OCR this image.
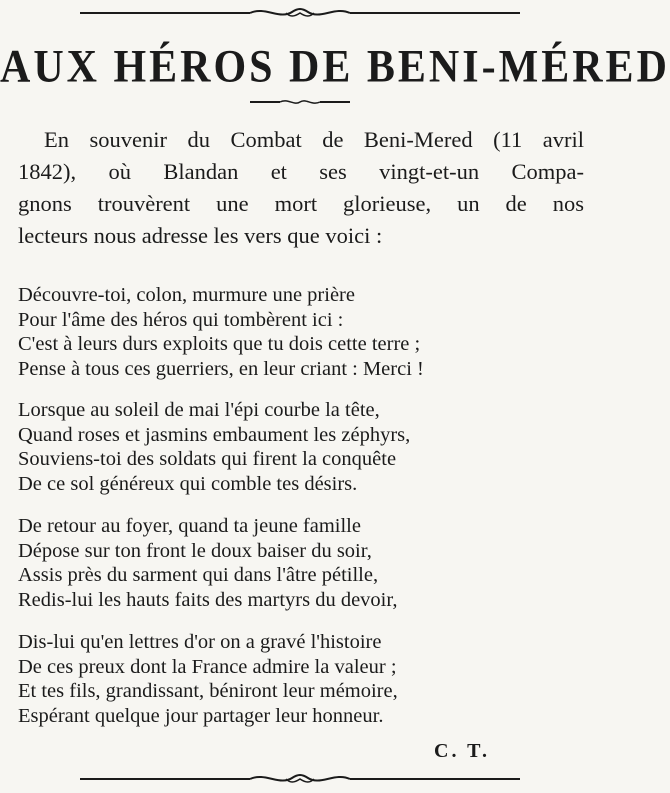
AUX HÉROS DE BENI-MÉRED
En souvenir du Combat de Beni-Mered (11 avril
1842), où Blandan et ses vingt-et-un Compa-
gnons trouvèrent une mort glorieuse, un de nos
lecteurs nous adresse les vers que voici :
Découvre-toi, colon, murmure une prière
Pour l'âme des héros qui tombèrent ici :
C'est à leurs durs exploits que tu dois cette terre ;
Pense à tous ces guerriers, en leur criant : Merci !
Lorsque au soleil de mai l'épi courbe la tête,
Quand roses et jasmins embaument les zéphyrs,
Souviens-toi des soldats qui firent la conquête
De ce sol généreux qui comble tes désirs.
De retour au foyer, quand ta jeune famille
Dépose sur ton front le doux baiser du soir,
Assis près du sarment qui dans l'âtre pétille,
Redis-lui les hauts faits des martyrs du devoir,
Dis-lui qu'en lettres d'or on a gravé l'histoire
De ces preux dont la France admire la valeur ;
Et tes fils, grandissant, béniront leur mémoire,
Espérant quelque jour partager leur honneur.
C. T.
